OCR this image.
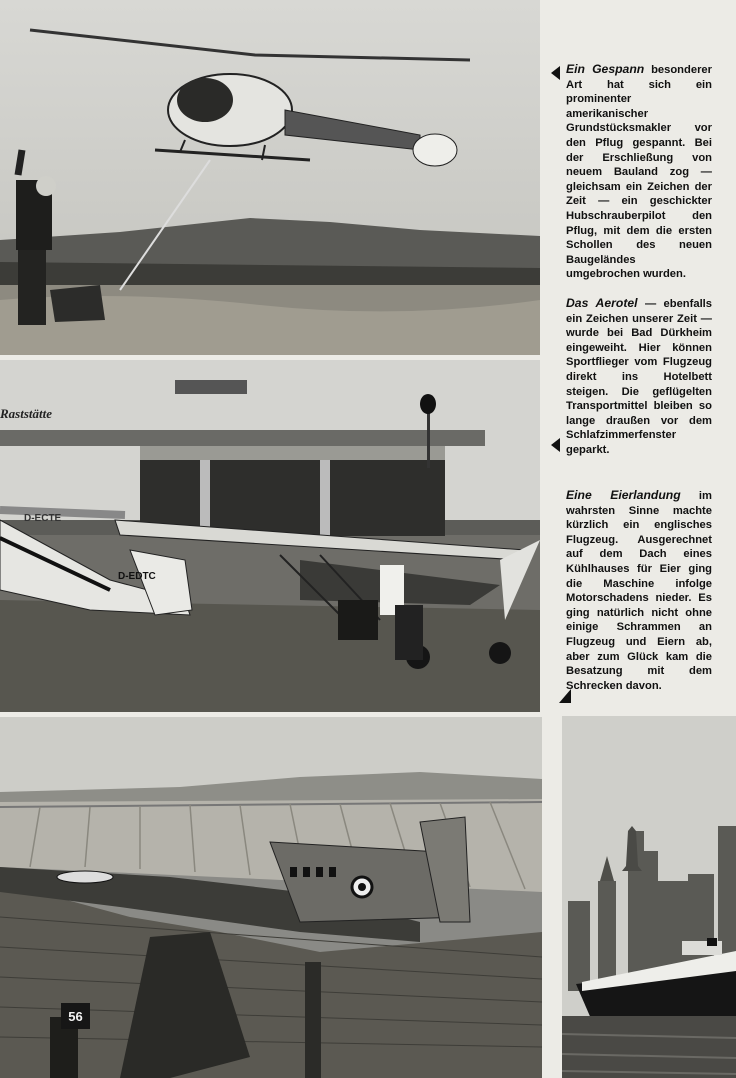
Raststätte
D-EDTC
D-ECTE
56
Ein Gespann besonderer Art hat sich ein prominenter amerikanischer Grundstücksmakler vor den Pflug gespannt. Bei der Erschließung von neuem Bauland zog — gleichsam ein Zeichen der Zeit — ein geschickter Hubschrauberpilot den Pflug, mit dem die ersten Schollen des neuen Baugeländes umgebrochen wurden.
Das Aerotel — ebenfalls ein Zeichen unserer Zeit — wurde bei Bad Dürkheim eingeweiht. Hier können Sportflieger vom Flugzeug direkt ins Hotelbett steigen. Die geflügelten Transportmittel bleiben so lange draußen vor dem Schlafzimmerfenster geparkt.
Eine Eierlandung im wahrsten Sinne machte kürzlich ein englisches Flugzeug. Ausgerechnet auf dem Dach eines Kühlhauses für Eier ging die Maschine infolge Motorschadens nieder. Es ging natürlich nicht ohne einige Schrammen an Flugzeug und Eiern ab, aber zum Glück kam die Besatzung mit dem Schrecken davon.
